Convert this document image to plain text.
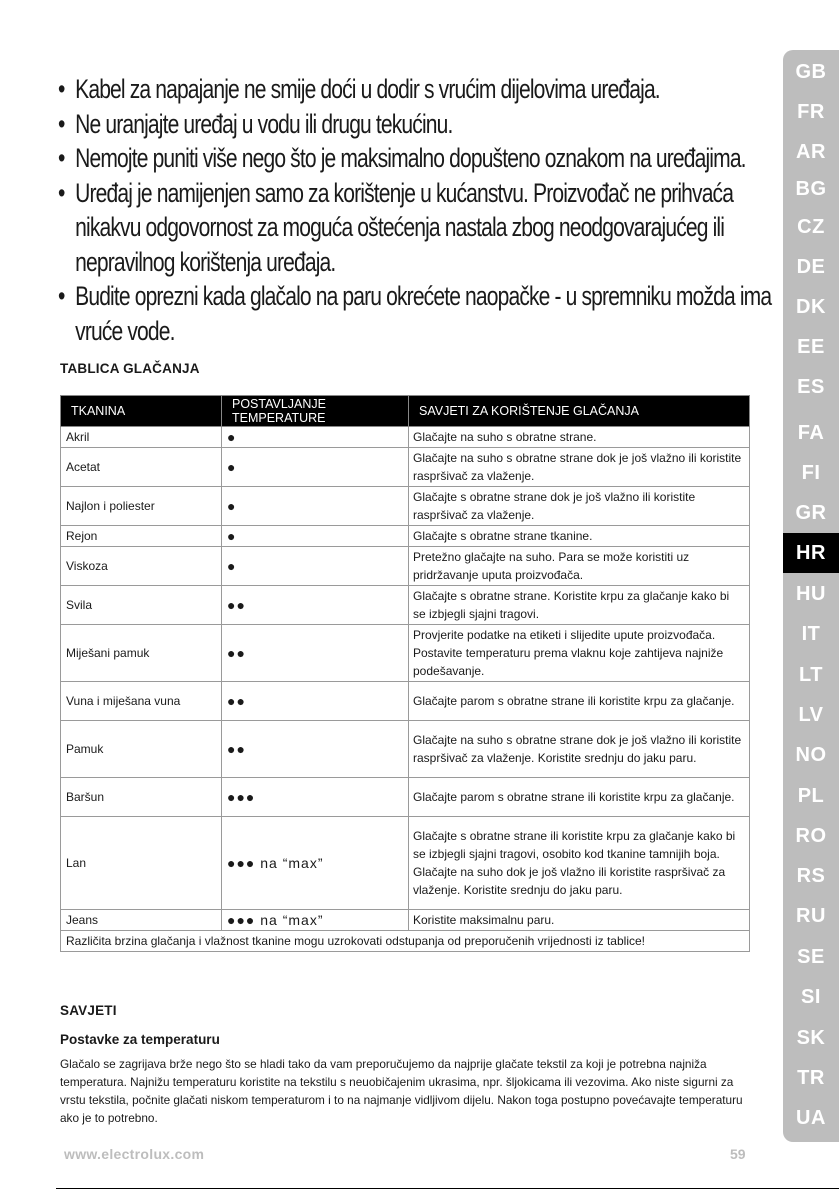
• Kabel za napajanje ne smije doći u dodir s vrućim dijelovima uređaja.
• Ne uranjajte uređaj u vodu ili drugu tekućinu.
• Nemojte puniti više nego što je maksimalno dopušteno oznakom na uređajima.
• Uređaj je namijenjen samo za korištenje u kućanstvu. Proizvođač ne prihvaća nikakvu odgovornost za moguća oštećenja nastala zbog neodgovarajućeg ili nepravilnog korištenja uređaja.
• Budite oprezni kada glačalo na paru okrećete naopačke - u spremniku možda ima vruće vode.
TABLICA GLAČANJA
TKANINA	POSTAVLJANJE TEMPERATURE	SAVJETI ZA KORIŠTENJE GLAČANJA
Akril	●	Glačajte na suho s obratne strane.
Acetat	●	Glačajte na suho s obratne strane dok je još vlažno ili koristite raspršivač za vlaženje.
Najlon i poliester	●	Glačajte s obratne strane dok je još vlažno ili koristite raspršivač za vlaženje.
Rejon	●	Glačajte s obratne strane tkanine.
Viskoza	●	Pretežno glačajte na suho. Para se može koristiti uz pridržavanje uputa proizvođača.
Svila	●●	Glačajte s obratne strane. Koristite krpu za glačanje kako bi se izbjegli sjajni tragovi.
Miješani pamuk	●●	Provjerite podatke na etiketi i slijedite upute proizvođača. Postavite temperaturu prema vlaknu koje zahtijeva najniže podešavanje.
Vuna i miješana vuna	●●	Glačajte parom s obratne strane ili koristite krpu za glačanje.
Pamuk	●●	Glačajte na suho s obratne strane dok je još vlažno ili koristite raspršivač za vlaženje. Koristite srednju do jaku paru.
Baršun	●●●	Glačajte parom s obratne strane ili koristite krpu za glačanje.
Lan	●●● na “max”	Glačajte s obratne strane ili koristite krpu za glačanje kako bi se izbjegli sjajni tragovi, osobito kod tkanine tamnijih boja. Glačajte na suho dok je još vlažno ili koristite raspršivač za vlaženje. Koristite srednju do jaku paru.
Jeans	●●● na “max”	Koristite maksimalnu paru.
Različita brzina glačanja i vlažnost tkanine mogu uzrokovati odstupanja od preporučenih vrijednosti iz tablice!		
SAVJETI
Postavke za temperaturu
Glačalo se zagrijava brže nego što se hladi tako da vam preporučujemo da najprije glačate tekstil za koji je potrebna najniža temperatura. Najnižu temperaturu koristite na tekstilu s neuobičajenim ukrasima, npr. šljokicama ili vezovima. Ako niste sigurni za vrstu tekstila, počnite glačati niskom temperaturom i to na najmanje vidljivom dijelu. Nakon toga postupno povećavajte temperaturu ako je to potrebno.
GB
FR
AR
BG
CZ
DE
DK
EE
ES
FA
FI
GR
HR
HU
IT
LT
LV
NO
PL
RO
RS
RU
SE
SI
SK
TR
UA
www.electrolux.com	59
